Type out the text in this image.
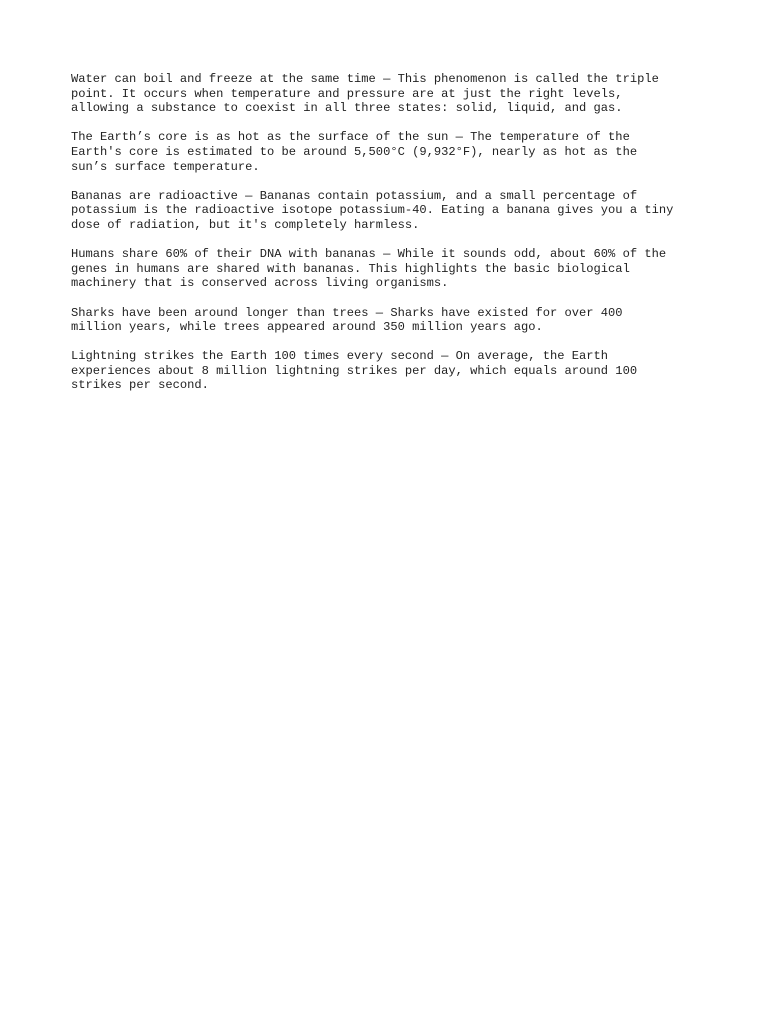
Water can boil and freeze at the same time — This phenomenon is called the triple
point. It occurs when temperature and pressure are at just the right levels,
allowing a substance to coexist in all three states: solid, liquid, and gas.
The Earth’s core is as hot as the surface of the sun — The temperature of the
Earth's core is estimated to be around 5,500°C (9,932°F), nearly as hot as the
sun’s surface temperature.
Bananas are radioactive — Bananas contain potassium, and a small percentage of
potassium is the radioactive isotope potassium-40. Eating a banana gives you a tiny
dose of radiation, but it's completely harmless.
Humans share 60% of their DNA with bananas — While it sounds odd, about 60% of the
genes in humans are shared with bananas. This highlights the basic biological
machinery that is conserved across living organisms.
Sharks have been around longer than trees — Sharks have existed for over 400
million years, while trees appeared around 350 million years ago.
Lightning strikes the Earth 100 times every second — On average, the Earth
experiences about 8 million lightning strikes per day, which equals around 100
strikes per second.
